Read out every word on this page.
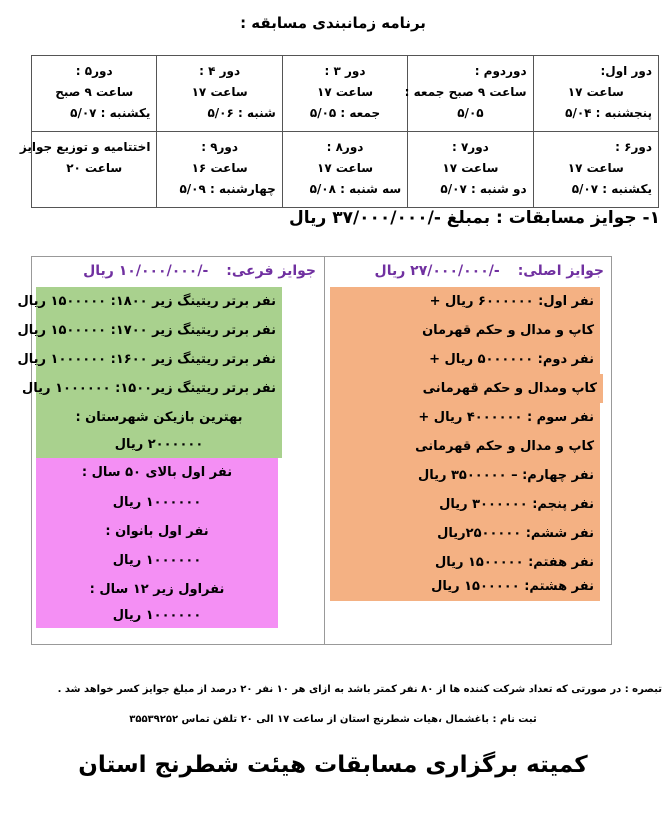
برنامه زمانبندی مسابقه :
دور اول:
ساعت ۱۷
پنجشنبه : ۵/۰۴	دوردوم :
ساعت ۹ صبح جمعه :
۵/۰۵	دور ۳ :
ساعت ۱۷
جمعه : ۵/۰۵	دور ۴ :
ساعت ۱۷
شنبه : ۵/۰۶	دور۵ :
ساعت ۹ صبح
یکشنبه : ۵/۰۷

دور۶ :
ساعت ۱۷
یکشنبه : ۵/۰۷	دور۷ :
ساعت ۱۷
دو شنبه : ۵/۰۷	دور۸ :
ساعت ۱۷
سه شنبه : ۵/۰۸	دور۹ :
ساعت ۱۶
چهارشنبه : ۵/۰۹	اختتامیه و توزیع جوایز
ساعت ۲۰
۱- جوایز مسابقات : بمبلغ -/۳۷/۰۰۰/۰۰۰ ریال
جوایز اصلی:-/۲۷/۰۰۰/۰۰۰ ریال
جوایز فرعی:-/۱۰/۰۰۰/۰۰۰ ریال
نفر اول: ۶۰۰۰۰۰۰ ریال +
کاپ و مدال و حکم قهرمان
نفر دوم: ۵۰۰۰۰۰۰ ریال +
کاپ ومدال و حکم قهرمانی
نفر سوم : ۴۰۰۰۰۰۰ ریال +
کاپ و مدال و حکم قهرمانی
نفر چهارم: – ۳۵۰۰۰۰۰ ریال
نفر پنجم: ۳۰۰۰۰۰۰ ریال
نفر ششم: ۲۵۰۰۰۰۰ریال
نفر هفتم: ۱۵۰۰۰۰۰ ریال
نفر هشتم: ۱۵۰۰۰۰۰ ریال
نفر برتر ریتینگ زیر ۱۸۰۰: ۱۵۰۰۰۰۰ ریال
نفر برتر ریتینگ زیر ۱۷۰۰: ۱۵۰۰۰۰۰ ریال
نفر برتر ریتینگ زیر ۱۶۰۰: ۱۰۰۰۰۰۰ ریال
نفر برتر ریتینگ زیر۱۵۰۰: ۱۰۰۰۰۰۰ ریال
بهترین بازیکن شهرستان :
۲۰۰۰۰۰۰ ریال
نفر اول بالای ۵۰ سال :
۱۰۰۰۰۰۰ ریال
نفر اول بانوان :
۱۰۰۰۰۰۰ ریال
نفراول زیر ۱۲ سال :
۱۰۰۰۰۰۰ ریال
تبصره : در صورتی که تعداد شرکت کننده ها از ۸۰ نفر کمتر باشد به ازای هر ۱۰ نفر ۲۰ درصد از مبلغ جوایز کسر خواهد شد .
ثبت نام : باغشمال ،هیات شطرنج استان از ساعت ۱۷ الی ۲۰ تلفن تماس ۳۵۵۳۹۲۵۲
کمیته برگزاری مسابقات هیئت شطرنج استان
